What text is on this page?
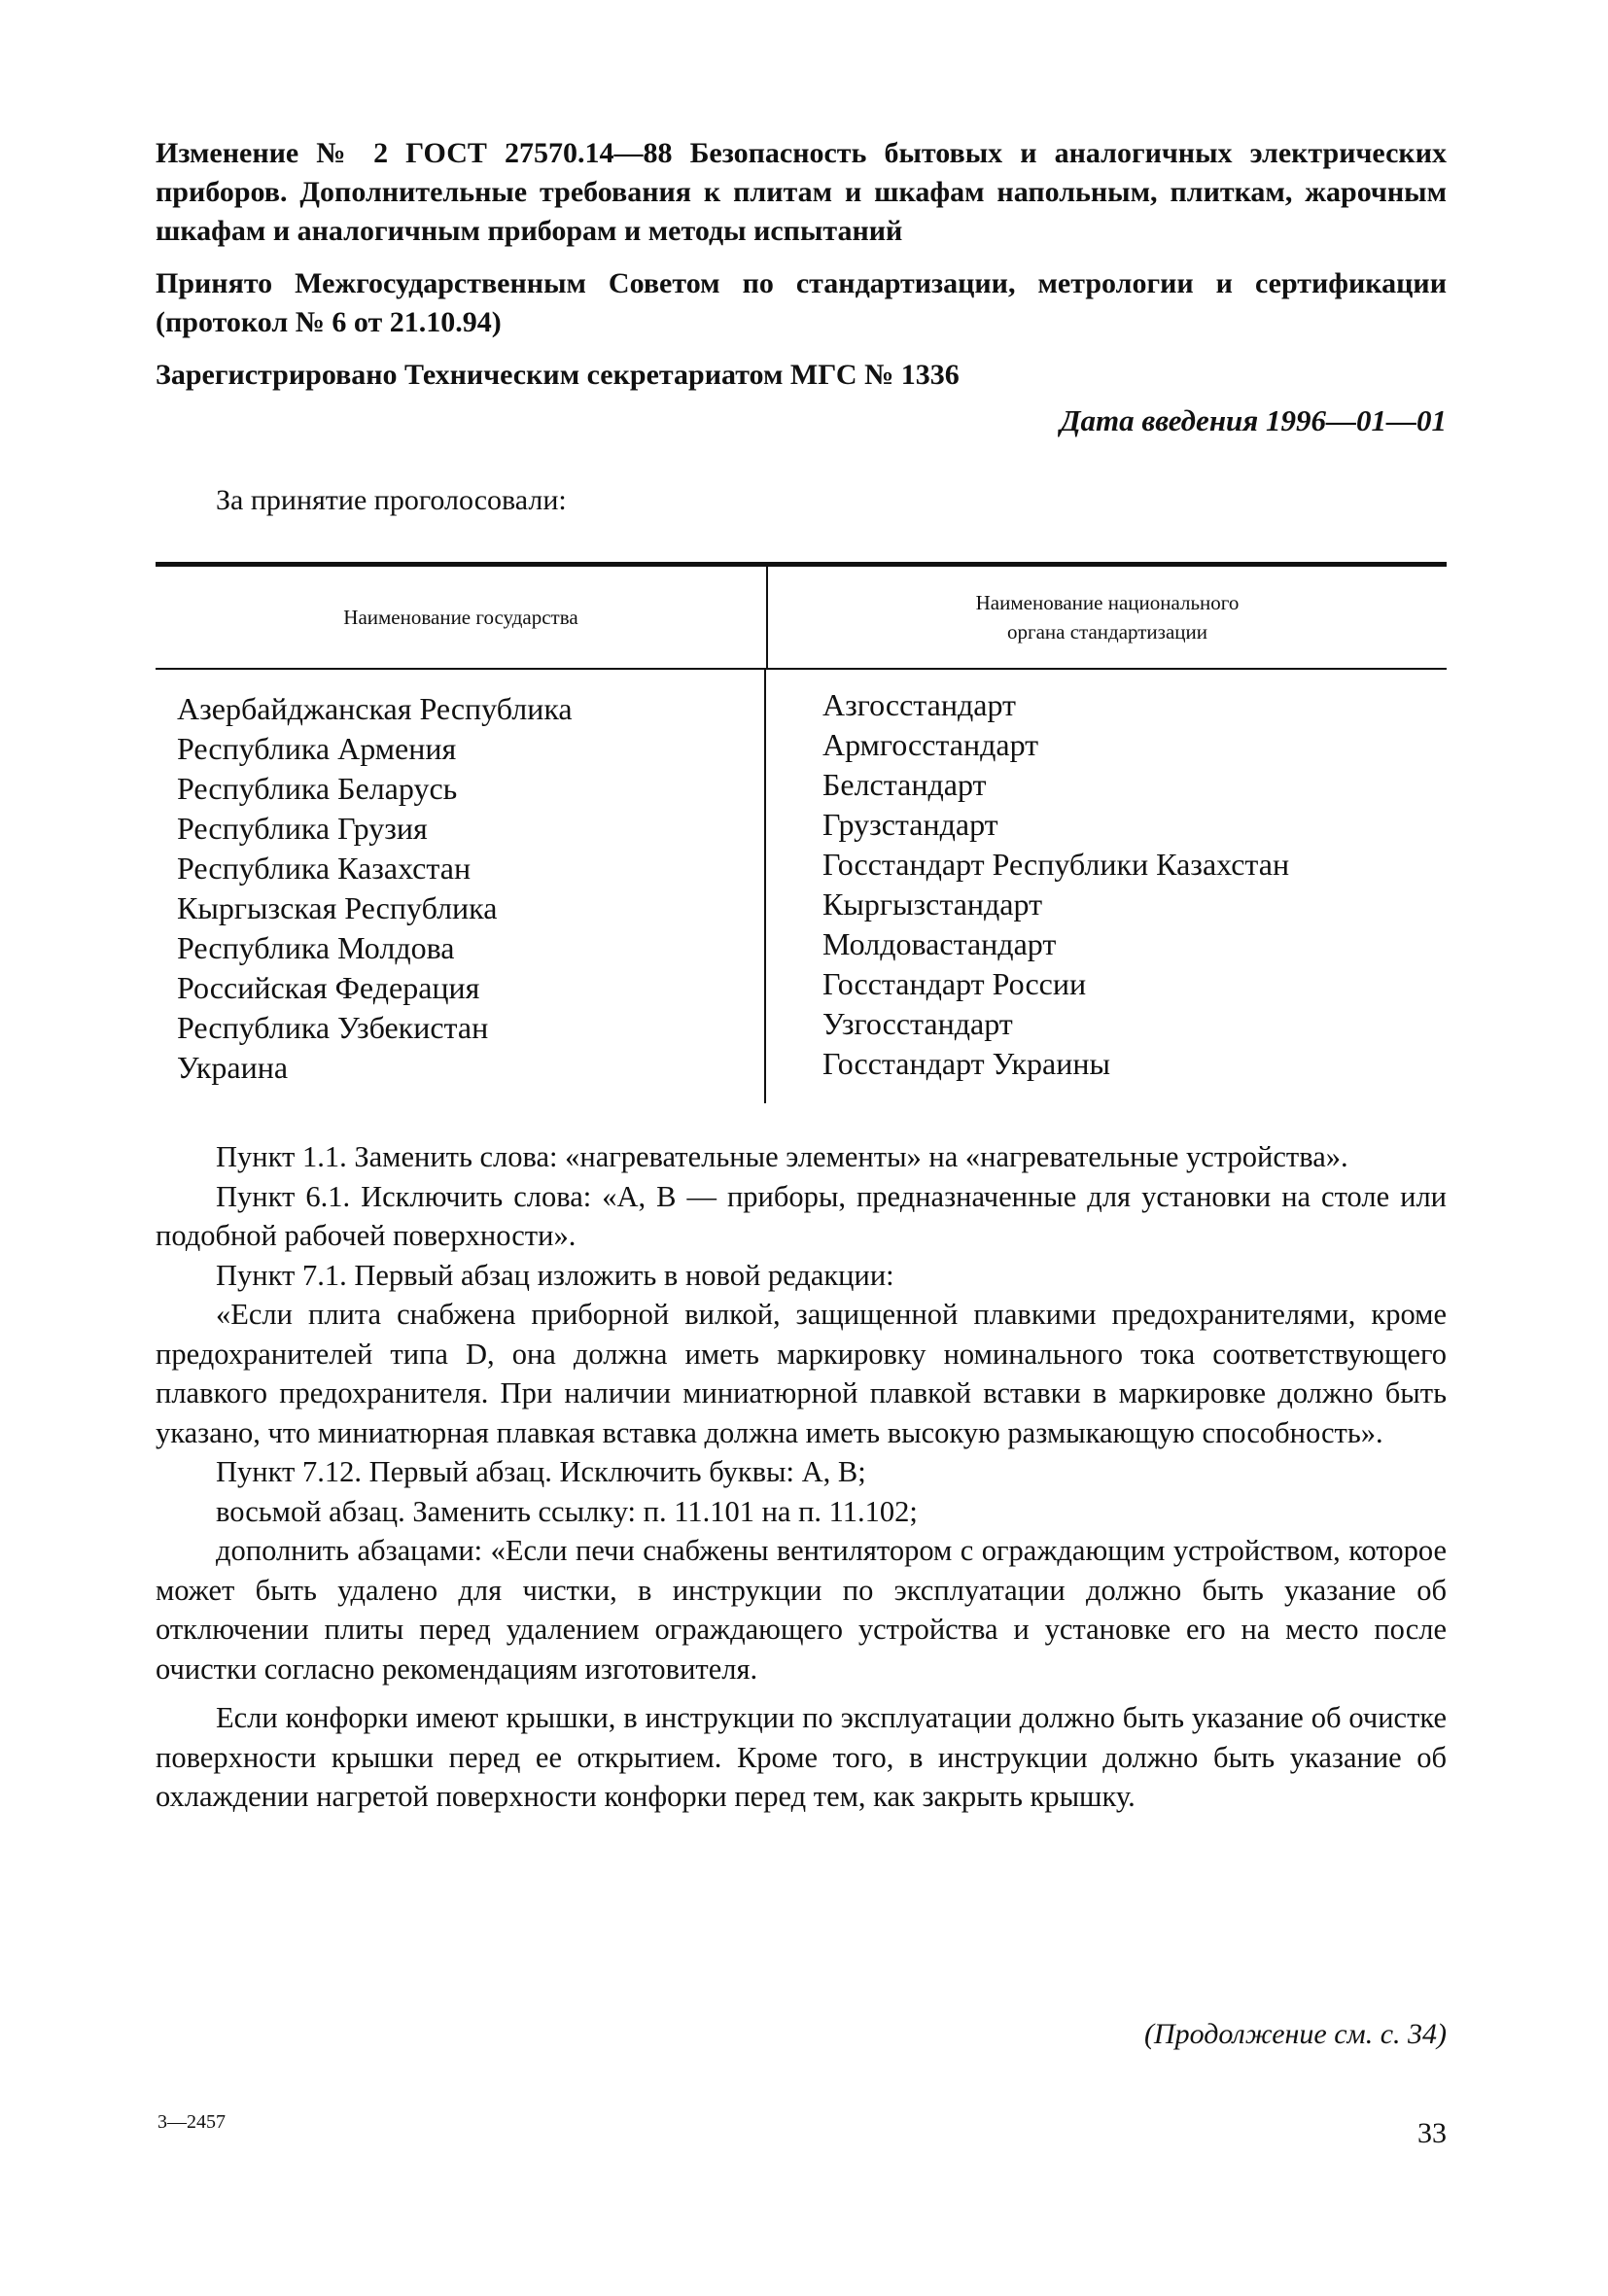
Изменение № 2 ГОСТ 27570.14—88 Безопасность бытовых и аналогичных электрических приборов. Дополнительные требования к плитам и шкафам напольным, плиткам, жарочным шкафам и аналогичным приборам и методы испытаний

Принято Межгосударственным Советом по стандартизации, метрологии и сертификации (протокол № 6 от 21.10.94)

Зарегистрировано Техническим секретариатом МГС № 1336

Дата введения 1996—01—01
За принятие проголосовали:
Наименование государства
Наименование национального
органа стандартизации
Азербайджанская Республика
Республика Армения
Республика Беларусь
Республика Грузия
Республика Казахстан
Кыргызская Республика
Республика Молдова
Российская Федерация
Республика Узбекистан
Украина
Азгосстандарт
Армгосстандарт
Белстандарт
Грузстандарт
Госстандарт Республики Казахстан
Кыргызстандарт
Молдовастандарт
Госстандарт России
Узгосстандарт
Госстандарт Украины

Пункт 1.1. Заменить слова: «нагревательные элементы» на «нагревательные устройства».

Пункт 6.1. Исключить слова: «А, В — приборы, предназначенные для установки на столе или подобной рабочей поверхности».

Пункт 7.1. Первый абзац изложить в новой редакции:

«Если плита снабжена приборной вилкой, защищенной плавкими предохранителями, кроме предохранителей типа D, она должна иметь маркировку номинального тока соответствующего плавкого предохранителя. При наличии миниатюрной плавкой вставки в маркировке должно быть указано, что миниатюрная плавкая вставка должна иметь высокую размыкающую способность».

Пункт 7.12. Первый абзац. Исключить буквы: А, В;

восьмой абзац. Заменить ссылку: п. 11.101 на п. 11.102;

дополнить абзацами: «Если печи снабжены вентилятором с ограждающим устройством, которое может быть удалено для чистки, в инструкции по эксплуатации должно быть указание об отключении плиты перед удалением ограждающего устройства и установке его на место после очистки согласно рекомендациям изготовителя.

Если конфорки имеют крышки, в инструкции по эксплуатации должно быть указание об очистке поверхности крышки перед ее открытием. Кроме того, в инструкции должно быть указание об охлаждении нагретой поверхности конфорки перед тем, как закрыть крышку.

(Продолжение см. с. 34)
3—2457	33
